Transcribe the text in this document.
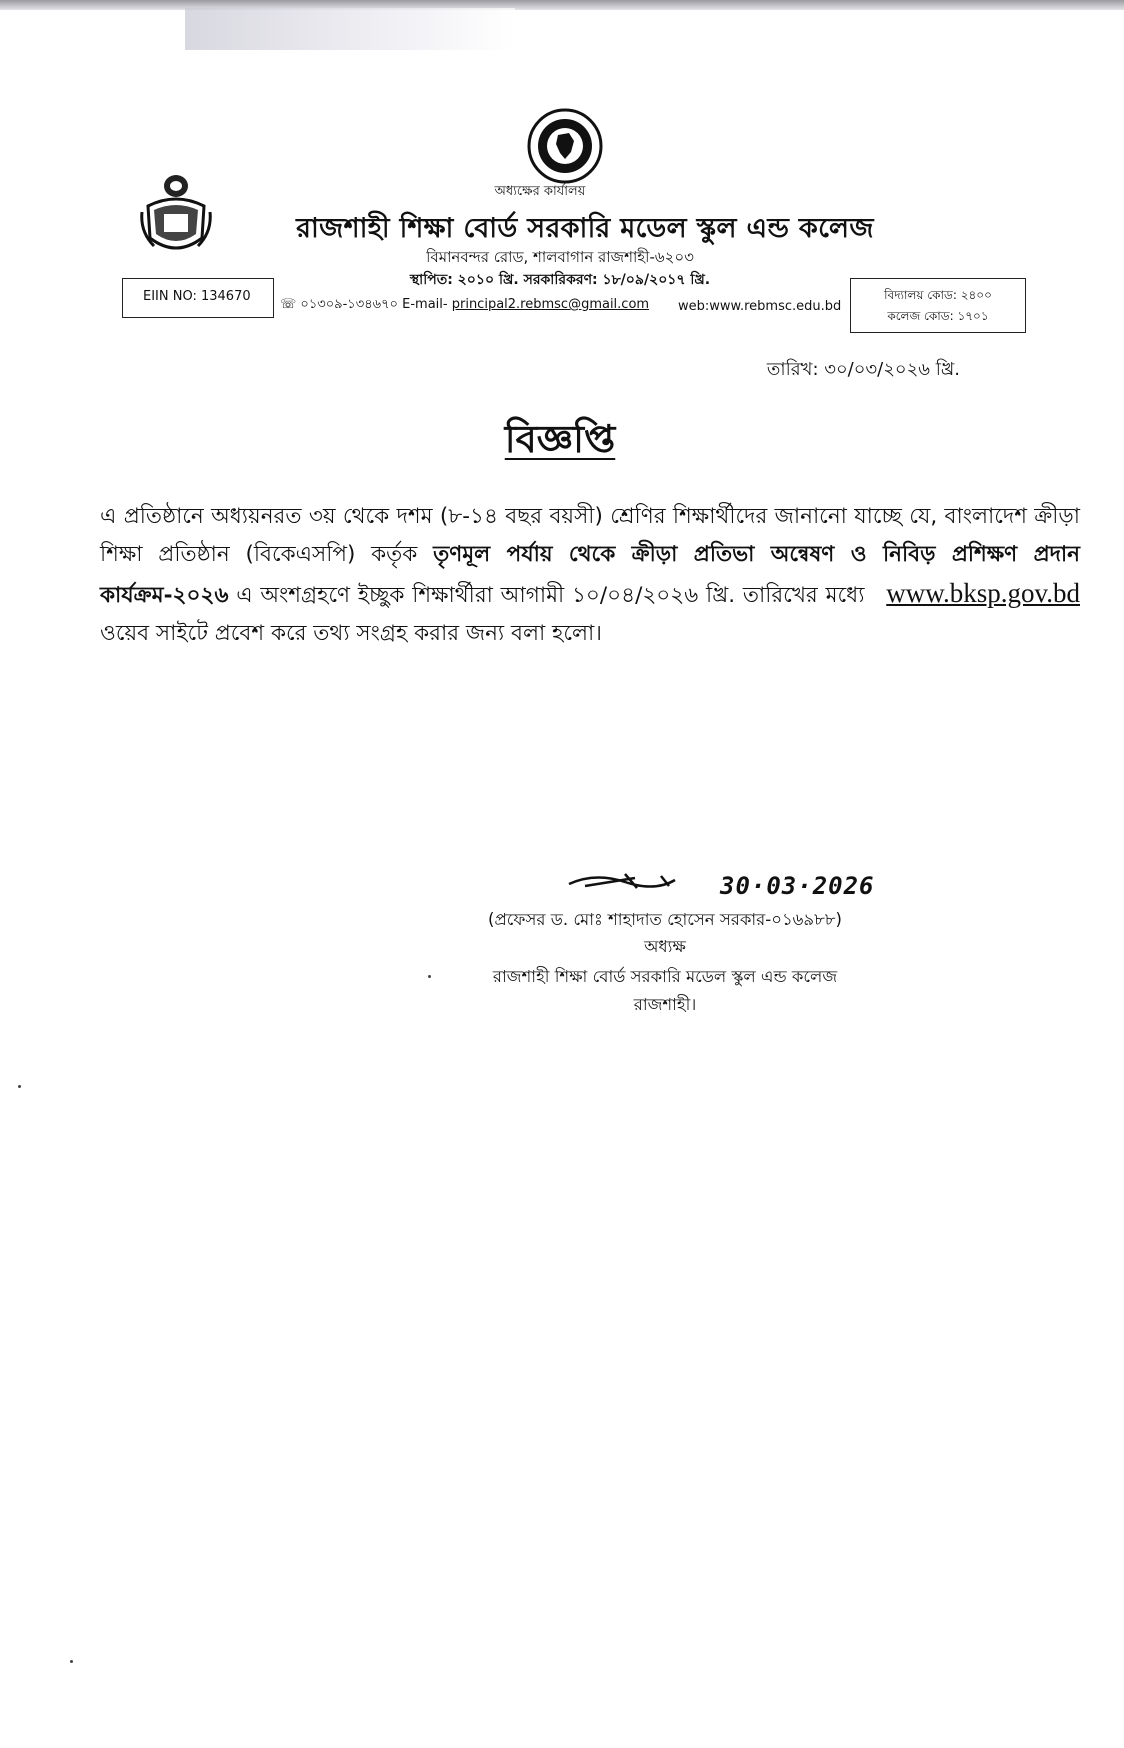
অধ্যক্ষের কার্যালয়
রাজশাহী শিক্ষা বোর্ড সরকারি মডেল স্কুল এন্ড কলেজ
বিমানবন্দর রোড, শালবাগান রাজশাহী-৬২০৩
স্থাপিত: ২০১০ খ্রি. সরকারিকরণ: ১৮/০৯/২০১৭ খ্রি.
EIIN NO: 134670
☏ ০১৩০৯-১৩৪৬৭০ E-mail- principal2.rebmsc@gmail.com web:www.rebmsc.edu.bd
বিদ্যালয় কোড: ২৪০০
কলেজ কোড: ১৭০১
তারিখ: ৩০/০৩/২০২৬ খ্রি.
বিজ্ঞপ্তি
এ প্রতিষ্ঠানে অধ্যয়নরত ৩য় থেকে দশম (৮-১৪ বছর বয়সী) শ্রেণির শিক্ষার্থীদের জানানো যাচ্ছে যে, বাংলাদেশ ক্রীড়া শিক্ষা প্রতিষ্ঠান (বিকেএসপি) কর্তৃক তৃণমূল পর্যায় থেকে ক্রীড়া প্রতিভা অন্বেষণ ও নিবিড় প্রশিক্ষণ প্রদান কার্যক্রম-২০২৬ এ অংশগ্রহণে ইচ্ছুক শিক্ষার্থীরা আগামী ১০/০৪/২০২৬ খ্রি. তারিখের মধ্যে www.bksp.gov.bd ওয়েব সাইটে প্রবেশ করে তথ্য সংগ্রহ করার জন্য বলা হলো।
30·03·2026
(প্রফেসর ড. মোঃ শাহাদাত হোসেন সরকার-০১৬৯৮৮)
অধ্যক্ষ
রাজশাহী শিক্ষা বোর্ড সরকারি মডেল স্কুল এন্ড কলেজ
রাজশাহী।
